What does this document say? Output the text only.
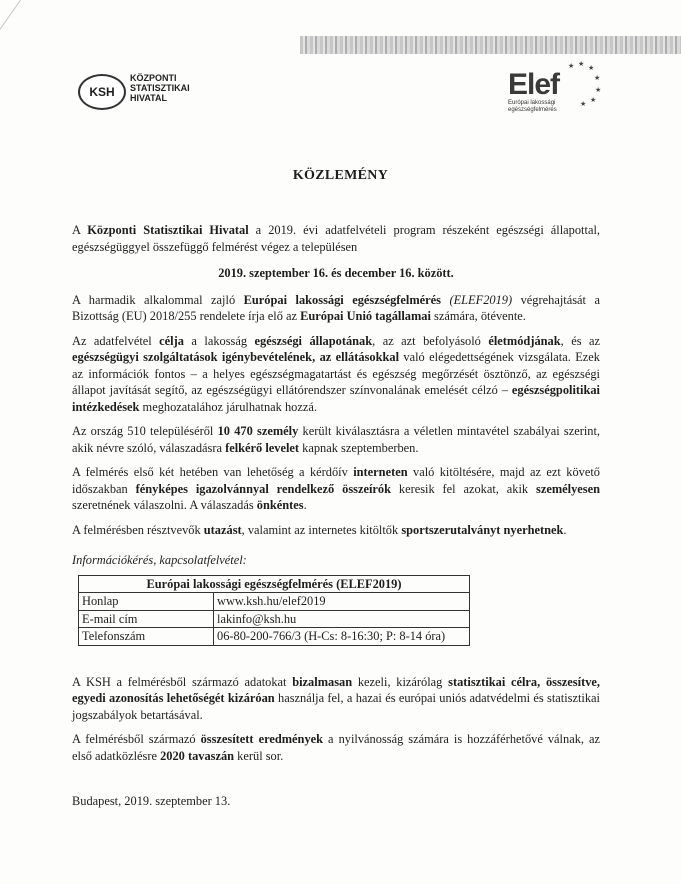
KSH
KÖZPONTI
STATISZTIKAI
HIVATAL
★ ★
★
★
★
★
★
Elef
Európai lakossági
egészségfelmérés
KÖZLEMÉNY

A Központi Statisztikai Hivatal a 2019. évi adatfelvételi program részeként egészségi állapottal, egészségüggyel összefüggő felmérést végez a településen

2019. szeptember 16. és december 16. között.

A harmadik alkalommal zajló Európai lakossági egészségfelmérés (ELEF2019) végrehajtását a Bizottság (EU) 2018/255 rendelete írja elő az Európai Unió tagállamai számára, ötévente.

Az adatfelvétel célja a lakosság egészségi állapotának, az azt befolyásoló életmódjának, és az egészségügyi szolgáltatások igénybevételének, az ellátásokkal való elégedettségének vizsgálata. Ezek az információk fontos – a helyes egészségmagatartást és egészség megőrzését ösztönző, az egészségi állapot javítását segítő, az egészségügyi ellátórendszer színvonalának emelését célzó – egészségpolitikai intézkedések meghozatalához járulhatnak hozzá.

Az ország 510 településéről 10 470 személy került kiválasztásra a véletlen mintavétel szabályai szerint, akik névre szóló, válaszadásra felkérő levelet kapnak szeptemberben.

A felmérés első két hetében van lehetőség a kérdőív interneten való kitöltésére, majd az ezt követő időszakban fényképes igazolvánnyal rendelkező összeírók keresik fel azokat, akik személyesen szeretnének válaszolni. A válaszadás önkéntes.

A felmérésben résztvevők utazást, valamint az internetes kitöltők sportszerutalványt nyerhetnek.

Információkérés, kapcsolatfelvétel:

Európai lakossági egészségfelmérés (ELEF2019)	
Honlap	www.ksh.hu/elef2019
E-mail cím	lakinfo@ksh.hu
Telefonszám	06-80-200-766/3 (H-Cs: 8-16:30; P: 8-14 óra)

A KSH a felmérésből származó adatokat bizalmasan kezeli, kizárólag statisztikai célra, összesítve, egyedi azonosítás lehetőségét kizáróan használja fel, a hazai és európai uniós adatvédelmi és statisztikai jogszabályok betartásával.

A felmérésből származó összesített eredmények a nyilvánosság számára is hozzáférhetővé válnak, az első adatközlésre 2020 tavaszán kerül sor.

Budapest, 2019. szeptember 13.
